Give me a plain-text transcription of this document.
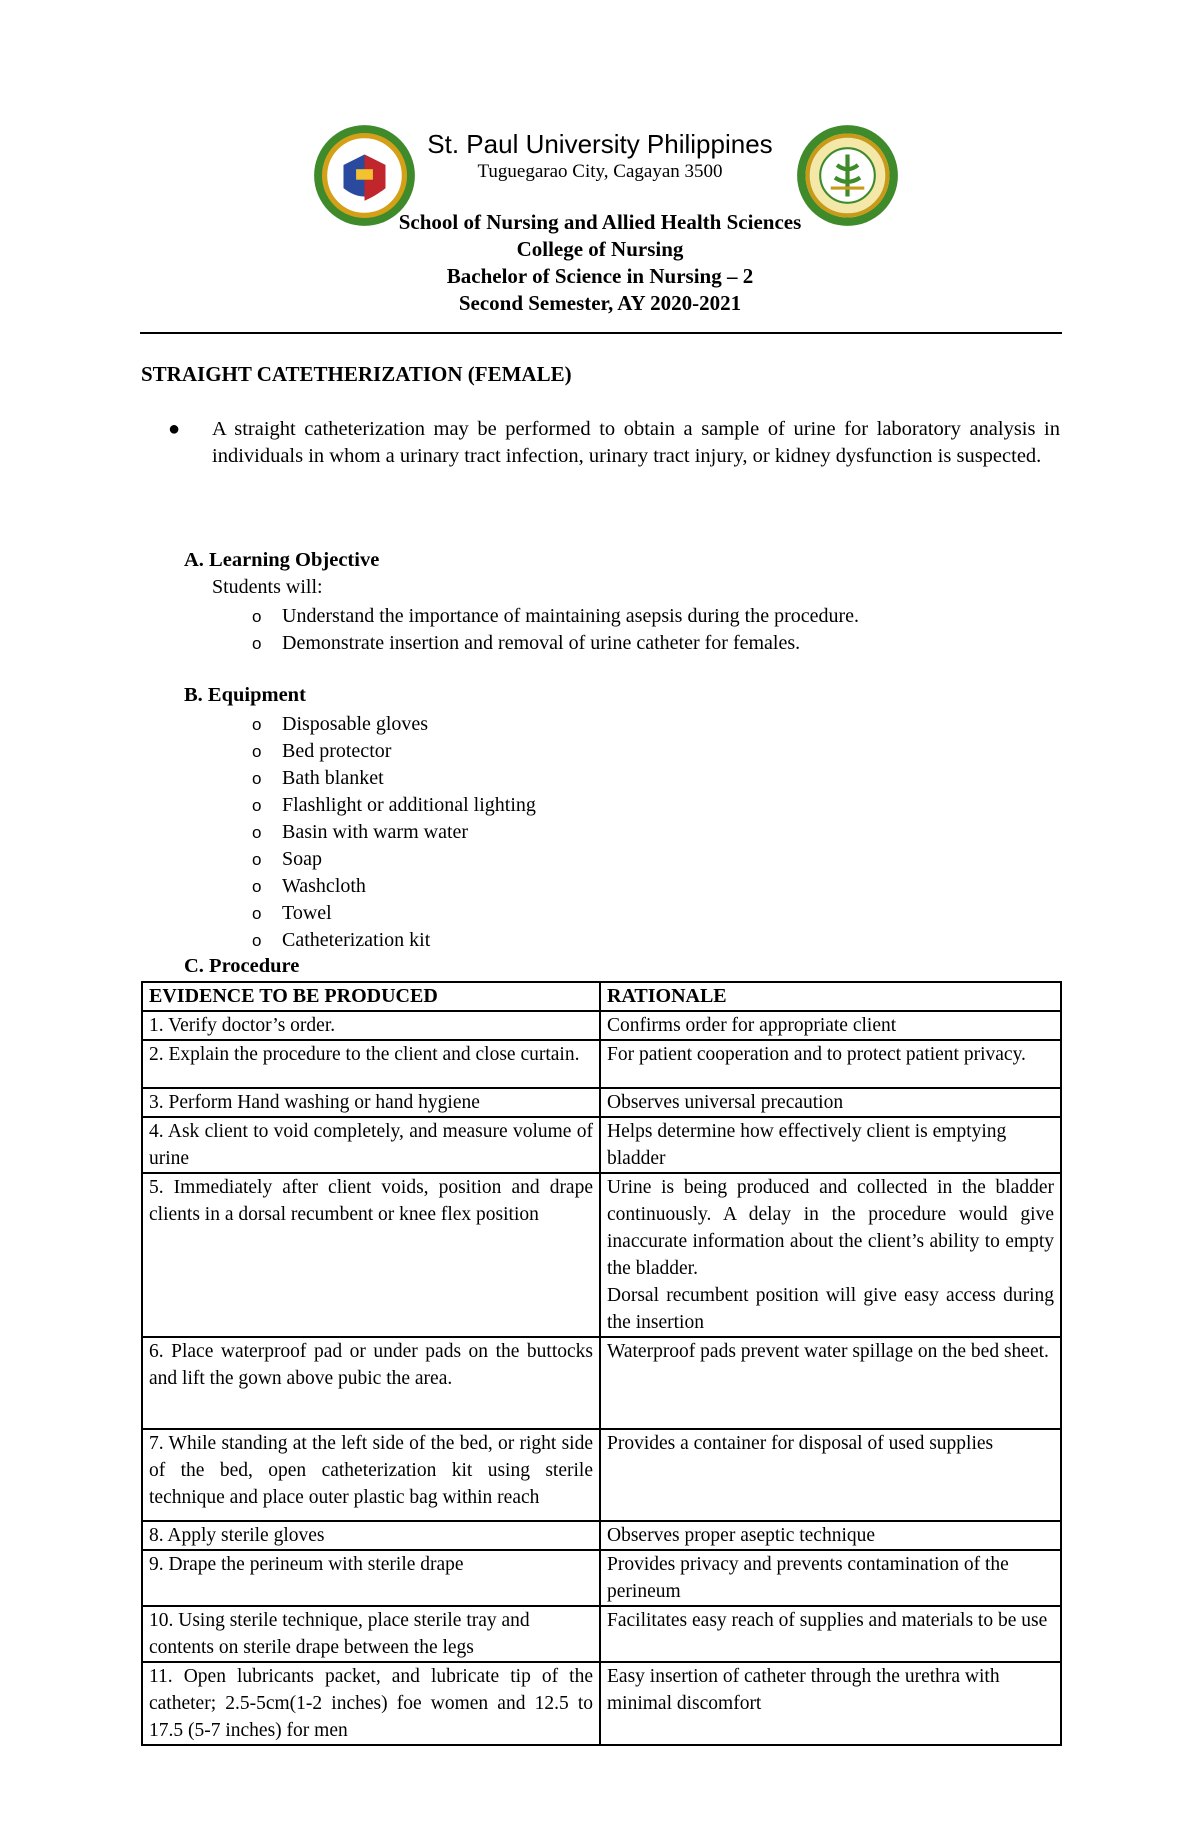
St. Paul University Philippines
Tuguegarao City, Cagayan 3500
School of Nursing and Allied Health Sciences
College of Nursing
Bachelor of Science in Nursing – 2
Second Semester, AY 2020-2021
STRAIGHT CATETHERIZATION (FEMALE)
● A straight catheterization may be performed to obtain a sample of urine for laboratory analysis in individuals in whom a urinary tract infection, urinary tract injury, or kidney dysfunction is suspected.
A. Learning Objective
Students will:
o Understand the importance of maintaining asepsis during the procedure.
o Demonstrate insertion and removal of urine catheter for females.
B. Equipment
o Disposable gloves
o Bed protector
o Bath blanket
o Flashlight or additional lighting
o Basin with warm water
o Soap
o Washcloth
o Towel
o Catheterization kit
C. Procedure
EVIDENCE TO BE PRODUCED	RATIONALE
1. Verify doctor’s order.	Confirms order for appropriate client
2. Explain the procedure to the client and close curtain.	For patient cooperation and to protect patient privacy.
3. Perform Hand washing or hand hygiene	Observes universal precaution
4. Ask client to void completely, and measure volume of urine	Helps determine how effectively client is emptying bladder
5. Immediately after client voids, position and drape clients in a dorsal recumbent or knee flex position	Urine is being produced and collected in the bladder continuously. A delay in the procedure would give inaccurate information about the client’s ability to empty the bladder.
Dorsal recumbent position will give easy access during the insertion
6. Place waterproof pad or under pads on the buttocks and lift the gown above pubic the area.	Waterproof pads prevent water spillage on the bed sheet.
7. While standing at the left side of the bed, or right side of the bed, open catheterization kit using sterile technique and place outer plastic bag within reach	Provides a container for disposal of used supplies
8. Apply sterile gloves	Observes proper aseptic technique
9. Drape the perineum with sterile drape	Provides privacy and prevents contamination of the perineum
10. Using sterile technique, place sterile tray and contents on sterile drape between the legs	Facilitates easy reach of supplies and materials to be use
11. Open lubricants packet, and lubricate tip of the catheter; 2.5-5cm(1-2 inches) foe women and 12.5 to 17.5 (5-7 inches) for men	Easy insertion of catheter through the urethra with minimal discomfort
